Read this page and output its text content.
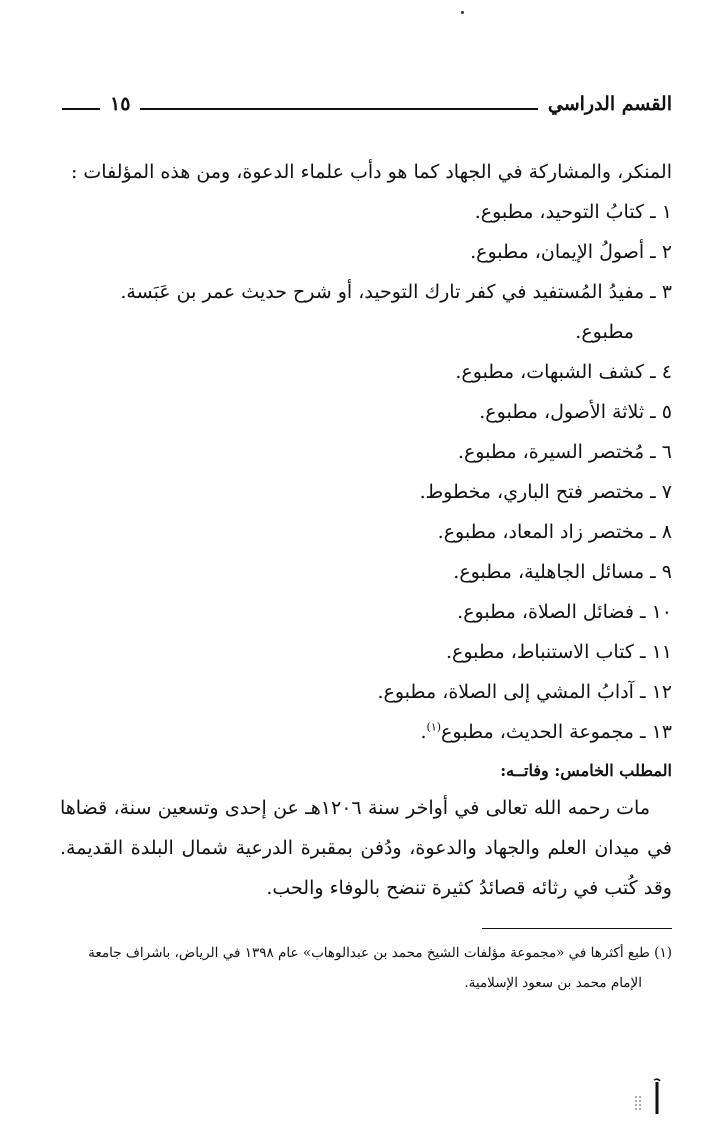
القسم الدراسي
١٥

المنكر، والمشاركة في الجهاد كما هو دأب علماء الدعوة، ومن هذه المؤلفات :

١ ـ كتابُ التوحيد، مطبوع.
٢ ـ أصولُ الإيمان، مطبوع.
٣ ـ مفيدُ المُستفيد في كفر تارك التوحيد، أو شرح حديث عمر بن عَبَسة.
مطبوع.
٤ ـ كشف الشبهات، مطبوع.
٥ ـ ثلاثة الأصول، مطبوع.
٦ ـ مُختصر السيرة، مطبوع.
٧ ـ مختصر فتح الباري، مخطوط.
٨ ـ مختصر زاد المعاد، مطبوع.
٩ ـ مسائل الجاهلية، مطبوع.
١٠ ـ فضائل الصلاة، مطبوع.
١١ ـ كتاب الاستنباط، مطبوع.
١٢ ـ آدابُ المشي إلى الصلاة، مطبوع.
١٣ ـ مجموعة الحديث، مطبوع$^{(١)}$.
المطلب الخامس: وفاتــه:

مات رحمه الله تعالى في أواخر سنة ١٢٠٦هـ عن إحدى وتسعين سنة، قضاها في ميدان العلم والجهاد والدعوة، ودُفن بمقبرة الدرعية شمال البلدة القديمة. وقد كُتب في رثائه قصائدُ كثيرة تنضح بالوفاء والحب.

(١) طبع أكثرها في «مجموعة مؤلفات الشيخ محمد بن عبدالوهاب» عام ١٣٩٨ في الرياض، باشراف جامعة
الإمام محمد بن سعود الإسلامية.
